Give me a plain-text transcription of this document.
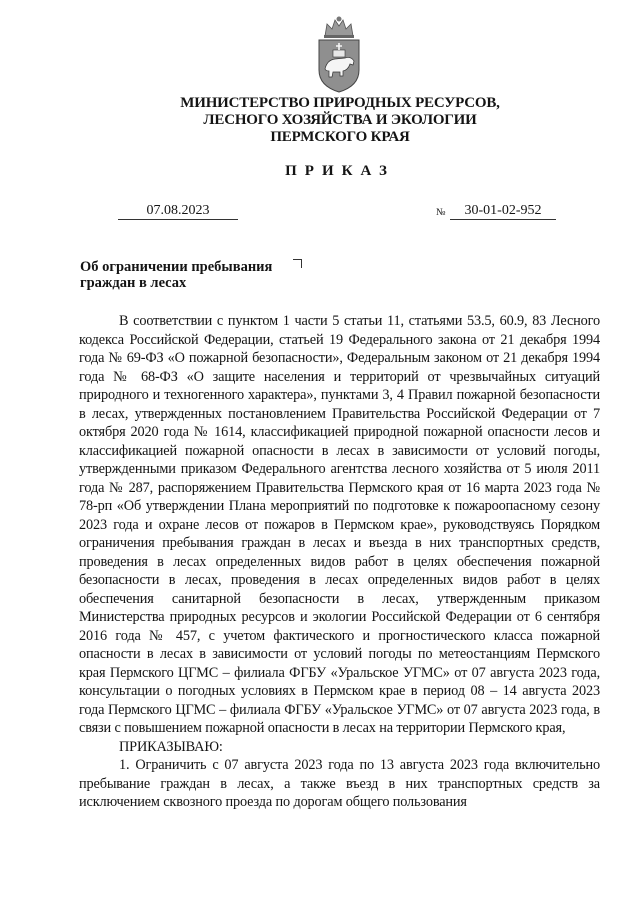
МИНИСТЕРСТВО ПРИРОДНЫХ РЕСУРСОВ,
ЛЕСНОГО ХОЗЯЙСТВА И ЭКОЛОГИИ
ПЕРМСКОГО КРАЯ
ПРИКАЗ
07.08.2023	№	30-01-02-952
Об ограничении пребывания
граждан в лесах

В соответствии с пунктом 1 части 5 статьи 11, статьями 53.5, 60.9, 83 Лесного кодекса Российской Федерации, статьей 19 Федерального закона от 21 декабря 1994 года № 69-ФЗ «О пожарной безопасности», Федеральным законом от 21 декабря 1994 года № 68-ФЗ «О защите населения и территорий от чрезвычайных ситуаций природного и техногенного характера», пунктами 3, 4 Правил пожарной безопасности в лесах, утвержденных постановлением Правительства Российской Федерации от 7 октября 2020 года № 1614, классификацией природной пожарной опасности лесов и классификацией пожарной опасности в лесах в зависимости от условий погоды, утвержденными приказом Федерального агентства лесного хозяйства от 5 июля 2011 года № 287, распоряжением Правительства Пермского края от 16 марта 2023 года № 78-рп «Об утверждении Плана мероприятий по подготовке к пожароопасному сезону 2023 года и охране лесов от пожаров в Пермском крае», руководствуясь Порядком ограничения пребывания граждан в лесах и въезда в них транспортных средств, проведения в лесах определенных видов работ в целях обеспечения пожарной безопасности в лесах, проведения в лесах определенных видов работ в целях обеспечения санитарной безопасности в лесах, утвержденным приказом Министерства природных ресурсов и экологии Российской Федерации от 6 сентября 2016 года № 457, с учетом фактического и прогностического класса пожарной опасности в лесах в зависимости от условий погоды по метеостанциям Пермского края Пермского ЦГМС – филиала ФГБУ «Уральское УГМС» от 07 августа 2023 года, консультации о погодных условиях в Пермском крае в период 08 – 14 августа 2023 года Пермского ЦГМС – филиала ФГБУ «Уральское УГМС» от 07 августа 2023 года, в связи с повышением пожарной опасности в лесах на территории Пермского края,

ПРИКАЗЫВАЮ:

1. Ограничить с 07 августа 2023 года по 13 августа 2023 года включительно пребывание граждан в лесах, а также въезд в них транспортных средств за исключением сквозного проезда по дорогам общего пользования
